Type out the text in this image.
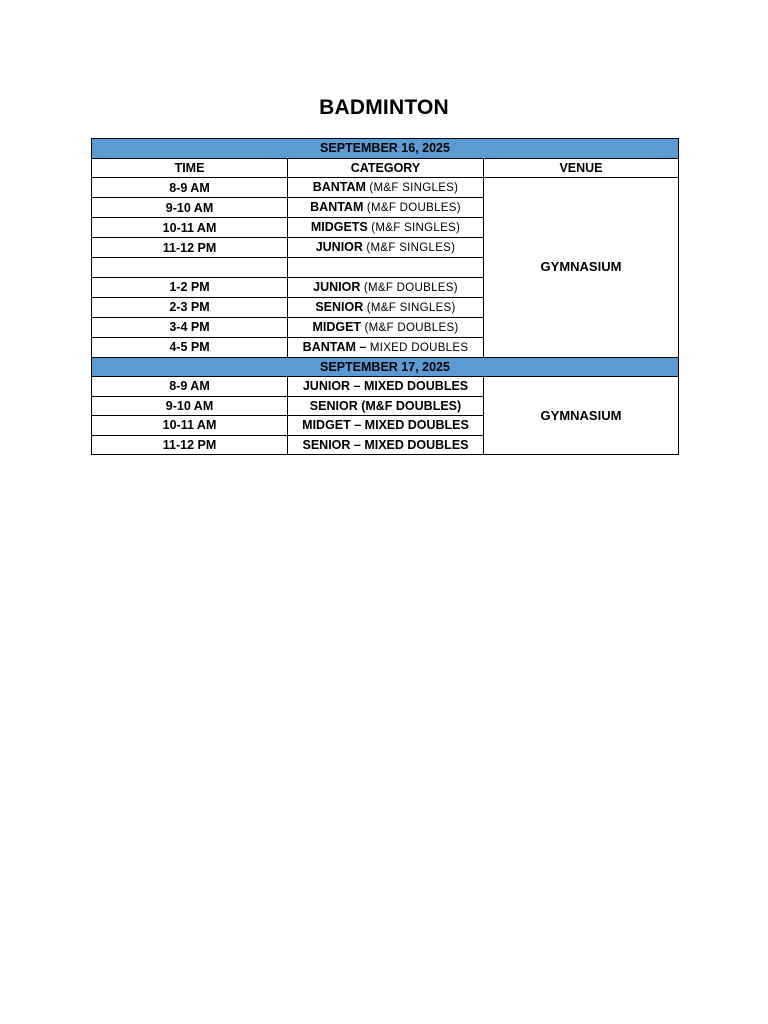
BADMINTON
SEPTEMBER 16, 2025		
TIME	CATEGORY	VENUE
8-9 AM	BANTAM (M&F SINGLES)	GYMNASIUM
9-10 AM	BANTAM (M&F DOUBLES)	
10-11 AM	MIDGETS (M&F SINGLES)	
11-12 PM	JUNIOR (M&F SINGLES)	

1-2 PM	JUNIOR (M&F DOUBLES)	
2-3 PM	SENIOR (M&F SINGLES)	
3-4 PM	MIDGET (M&F DOUBLES)	
4-5 PM	BANTAM – MIXED DOUBLES	
SEPTEMBER 17, 2025		
8-9 AM	JUNIOR – MIXED DOUBLES	GYMNASIUM
9-10 AM	SENIOR (M&F DOUBLES)	
10-11 AM	MIDGET – MIXED DOUBLES	
11-12 PM	SENIOR – MIXED DOUBLES	
